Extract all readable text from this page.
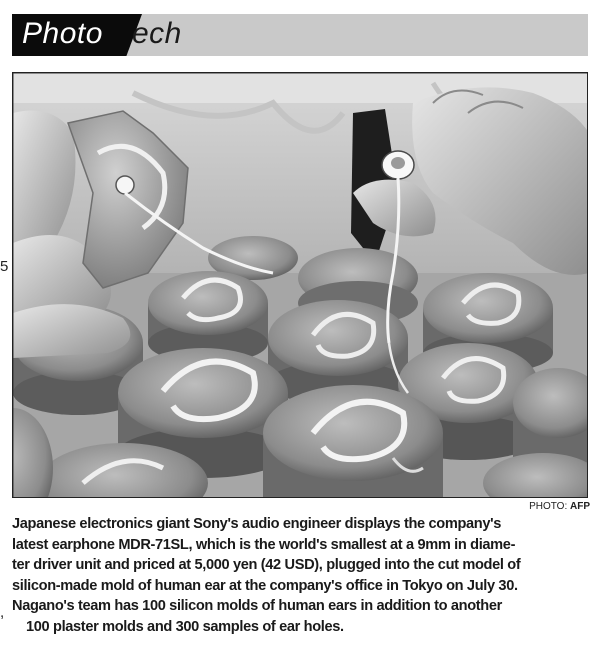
Photo ech
5
,
PHOTO: AFP
Japanese electronics giant Sony's audio engineer displays the company's
latest earphone MDR-71SL, which is the world's smallest at a 9mm in diame-
ter driver unit and priced at 5,000 yen (42 USD), plugged into the cut model of
silicon-made mold of human ear at the company's office in Tokyo on July 30.
Nagano's team has 100 silicon molds of human ears in addition to another
100 plaster molds and 300 samples of ear holes.
